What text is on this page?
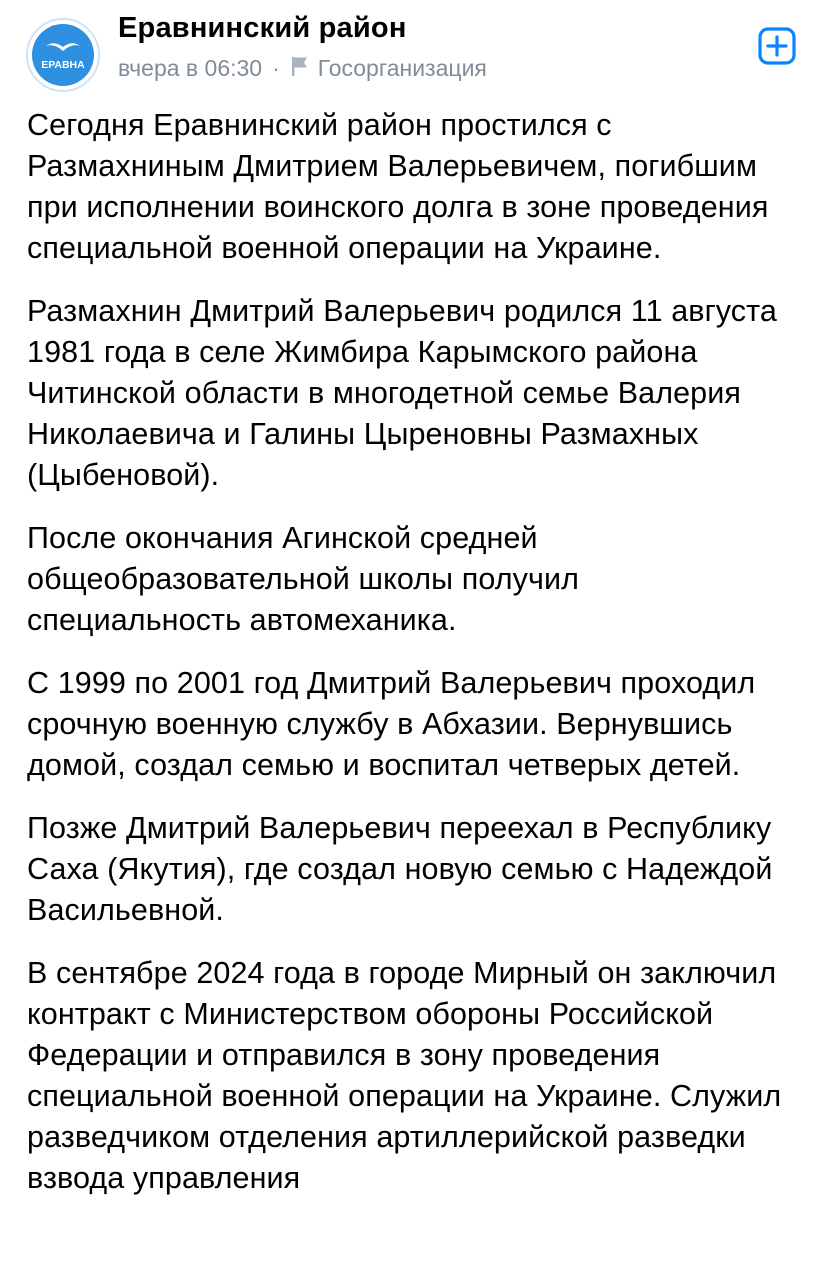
ЕРАВНА
ЯКУТИЯ Еравнинский район
вчера в 06:30 · Госорганизация

Сегодня Еравнинский район простился с Размахниным Дмитрием Валерьевичем, погибшим при исполнении воинского долга в зоне проведения специальной военной операции на Украине.

Размахнин Дмитрий Валерьевич родился 11 августа 1981 года в селе Жимбира Карымского района Читинской области в многодетной семье Валерия Николаевича и Галины Цыреновны Размахных (Цыбеновой).

После окончания Агинской средней общеобразовательной школы получил специальность автомеханика.

С 1999 по 2001 год Дмитрий Валерьевич проходил срочную военную службу в Абхазии. Вернувшись домой, создал семью и воспитал четверых детей.

Позже Дмитрий Валерьевич переехал в Республику Саха (Якутия), где создал новую семью с Надеждой Васильевной.

В сентябре 2024 года в городе Мирный он заключил контракт с Министерством обороны Российской Федерации и отправился в зону проведения специальной военной операции на Украине. Служил разведчиком отделения артиллерийской разведки взвода управления
